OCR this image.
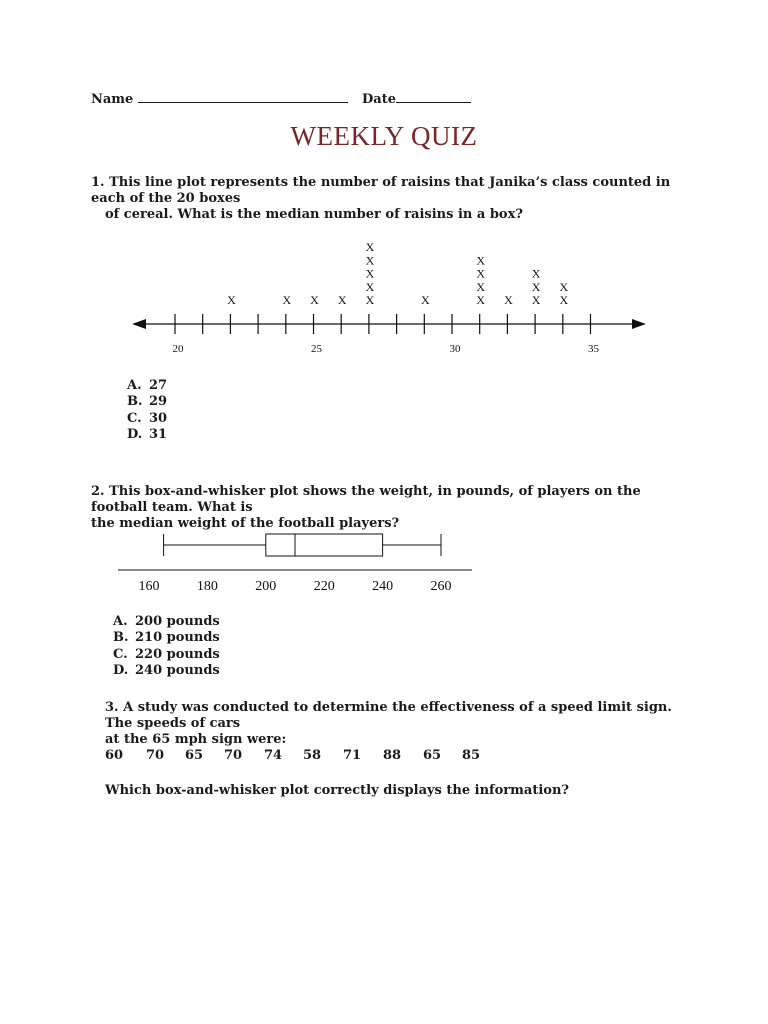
Name	Date
WEEKLY QUIZ
1. This line plot represents the number of raisins that Janika’s class counted in each of the 20 boxes
of cereal. What is the median number of raisins in a box?
20	25	30	35
X	X X X X
X
X
X
X
X	X
X
X
X
X X
X
X
X
X
A. 27
B. 29
C. 30
D. 31
2. This box-and-whisker plot shows the weight, in pounds, of players on the football team. What is
the median weight of the football players?
160	180	200	220	240	260
A. 200 pounds
B. 210 pounds
C. 220 pounds
D. 240 pounds
3. A study was conducted to determine the effectiveness of a speed limit sign. The speeds of cars
at the 65 mph sign were:
60 70 65 70 74 58 71 88 65 85
Which box-and-whisker plot correctly displays the information?
